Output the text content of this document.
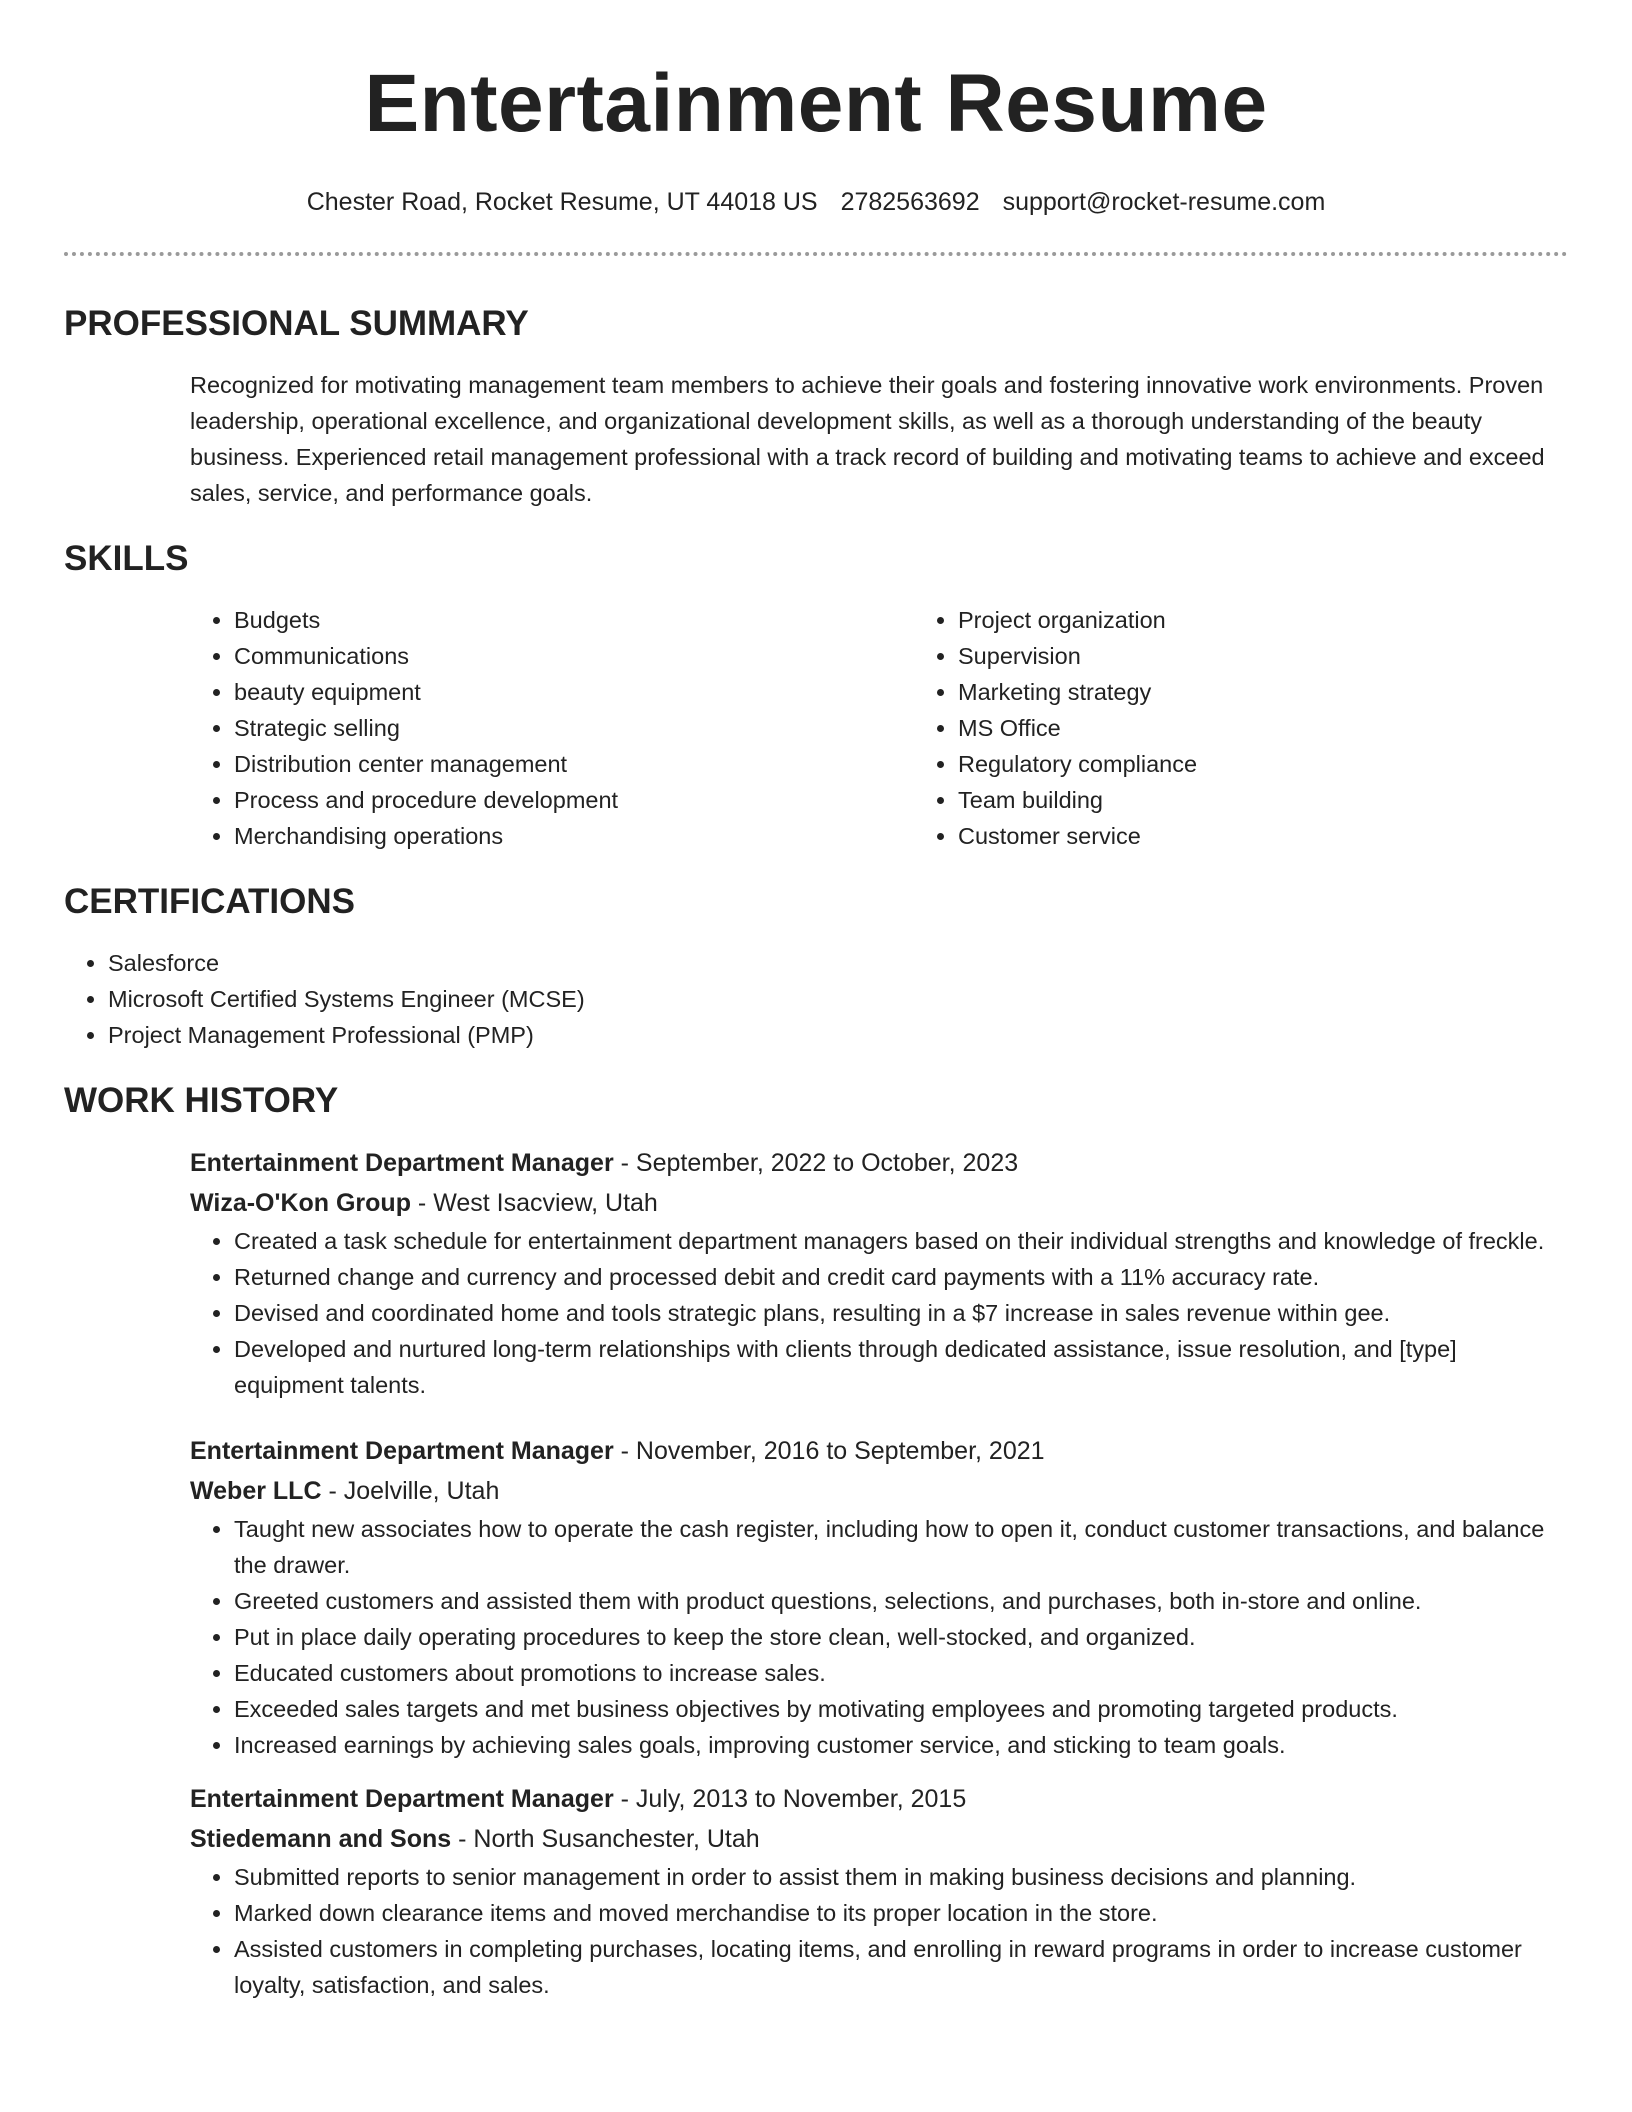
Entertainment Resume
Chester Road, Rocket Resume, UT 44018 US 2782563692 support@rocket-resume.com
PROFESSIONAL SUMMARY

Recognized for motivating management team members to achieve their goals and fostering innovative work environments. Proven leadership, operational excellence, and organizational development skills, as well as a thorough understanding of the beauty business. Experienced retail management professional with a track record of building and motivating teams to achieve and exceed sales, service, and performance goals.

SKILLS
• Budgets
• Communications
• beauty equipment
• Strategic selling
• Distribution center management
• Process and procedure development
• Merchandising operations
• Project organization
• Supervision
• Marketing strategy
• MS Office
• Regulatory compliance
• Team building
• Customer service
CERTIFICATIONS
• Salesforce
• Microsoft Certified Systems Engineer (MCSE)
• Project Management Professional (PMP)
WORK HISTORY
Entertainment Department Manager - September, 2022 to October, 2023
Wiza-O'Kon Group - West Isacview, Utah
• Created a task schedule for entertainment department managers based on their individual strengths and knowledge of freckle.
• Returned change and currency and processed debit and credit card payments with a 11% accuracy rate.
• Devised and coordinated home and tools strategic plans, resulting in a $7 increase in sales revenue within gee.
• Developed and nurtured long-term relationships with clients through dedicated assistance, issue resolution, and [type] equipment talents.
Entertainment Department Manager - November, 2016 to September, 2021
Weber LLC - Joelville, Utah
• Taught new associates how to operate the cash register, including how to open it, conduct customer transactions, and balance the drawer.
• Greeted customers and assisted them with product questions, selections, and purchases, both in-store and online.
• Put in place daily operating procedures to keep the store clean, well-stocked, and organized.
• Educated customers about promotions to increase sales.
• Exceeded sales targets and met business objectives by motivating employees and promoting targeted products.
• Increased earnings by achieving sales goals, improving customer service, and sticking to team goals.
Entertainment Department Manager - July, 2013 to November, 2015
Stiedemann and Sons - North Susanchester, Utah
• Submitted reports to senior management in order to assist them in making business decisions and planning.
• Marked down clearance items and moved merchandise to its proper location in the store.
• Assisted customers in completing purchases, locating items, and enrolling in reward programs in order to increase customer loyalty, satisfaction, and sales.
